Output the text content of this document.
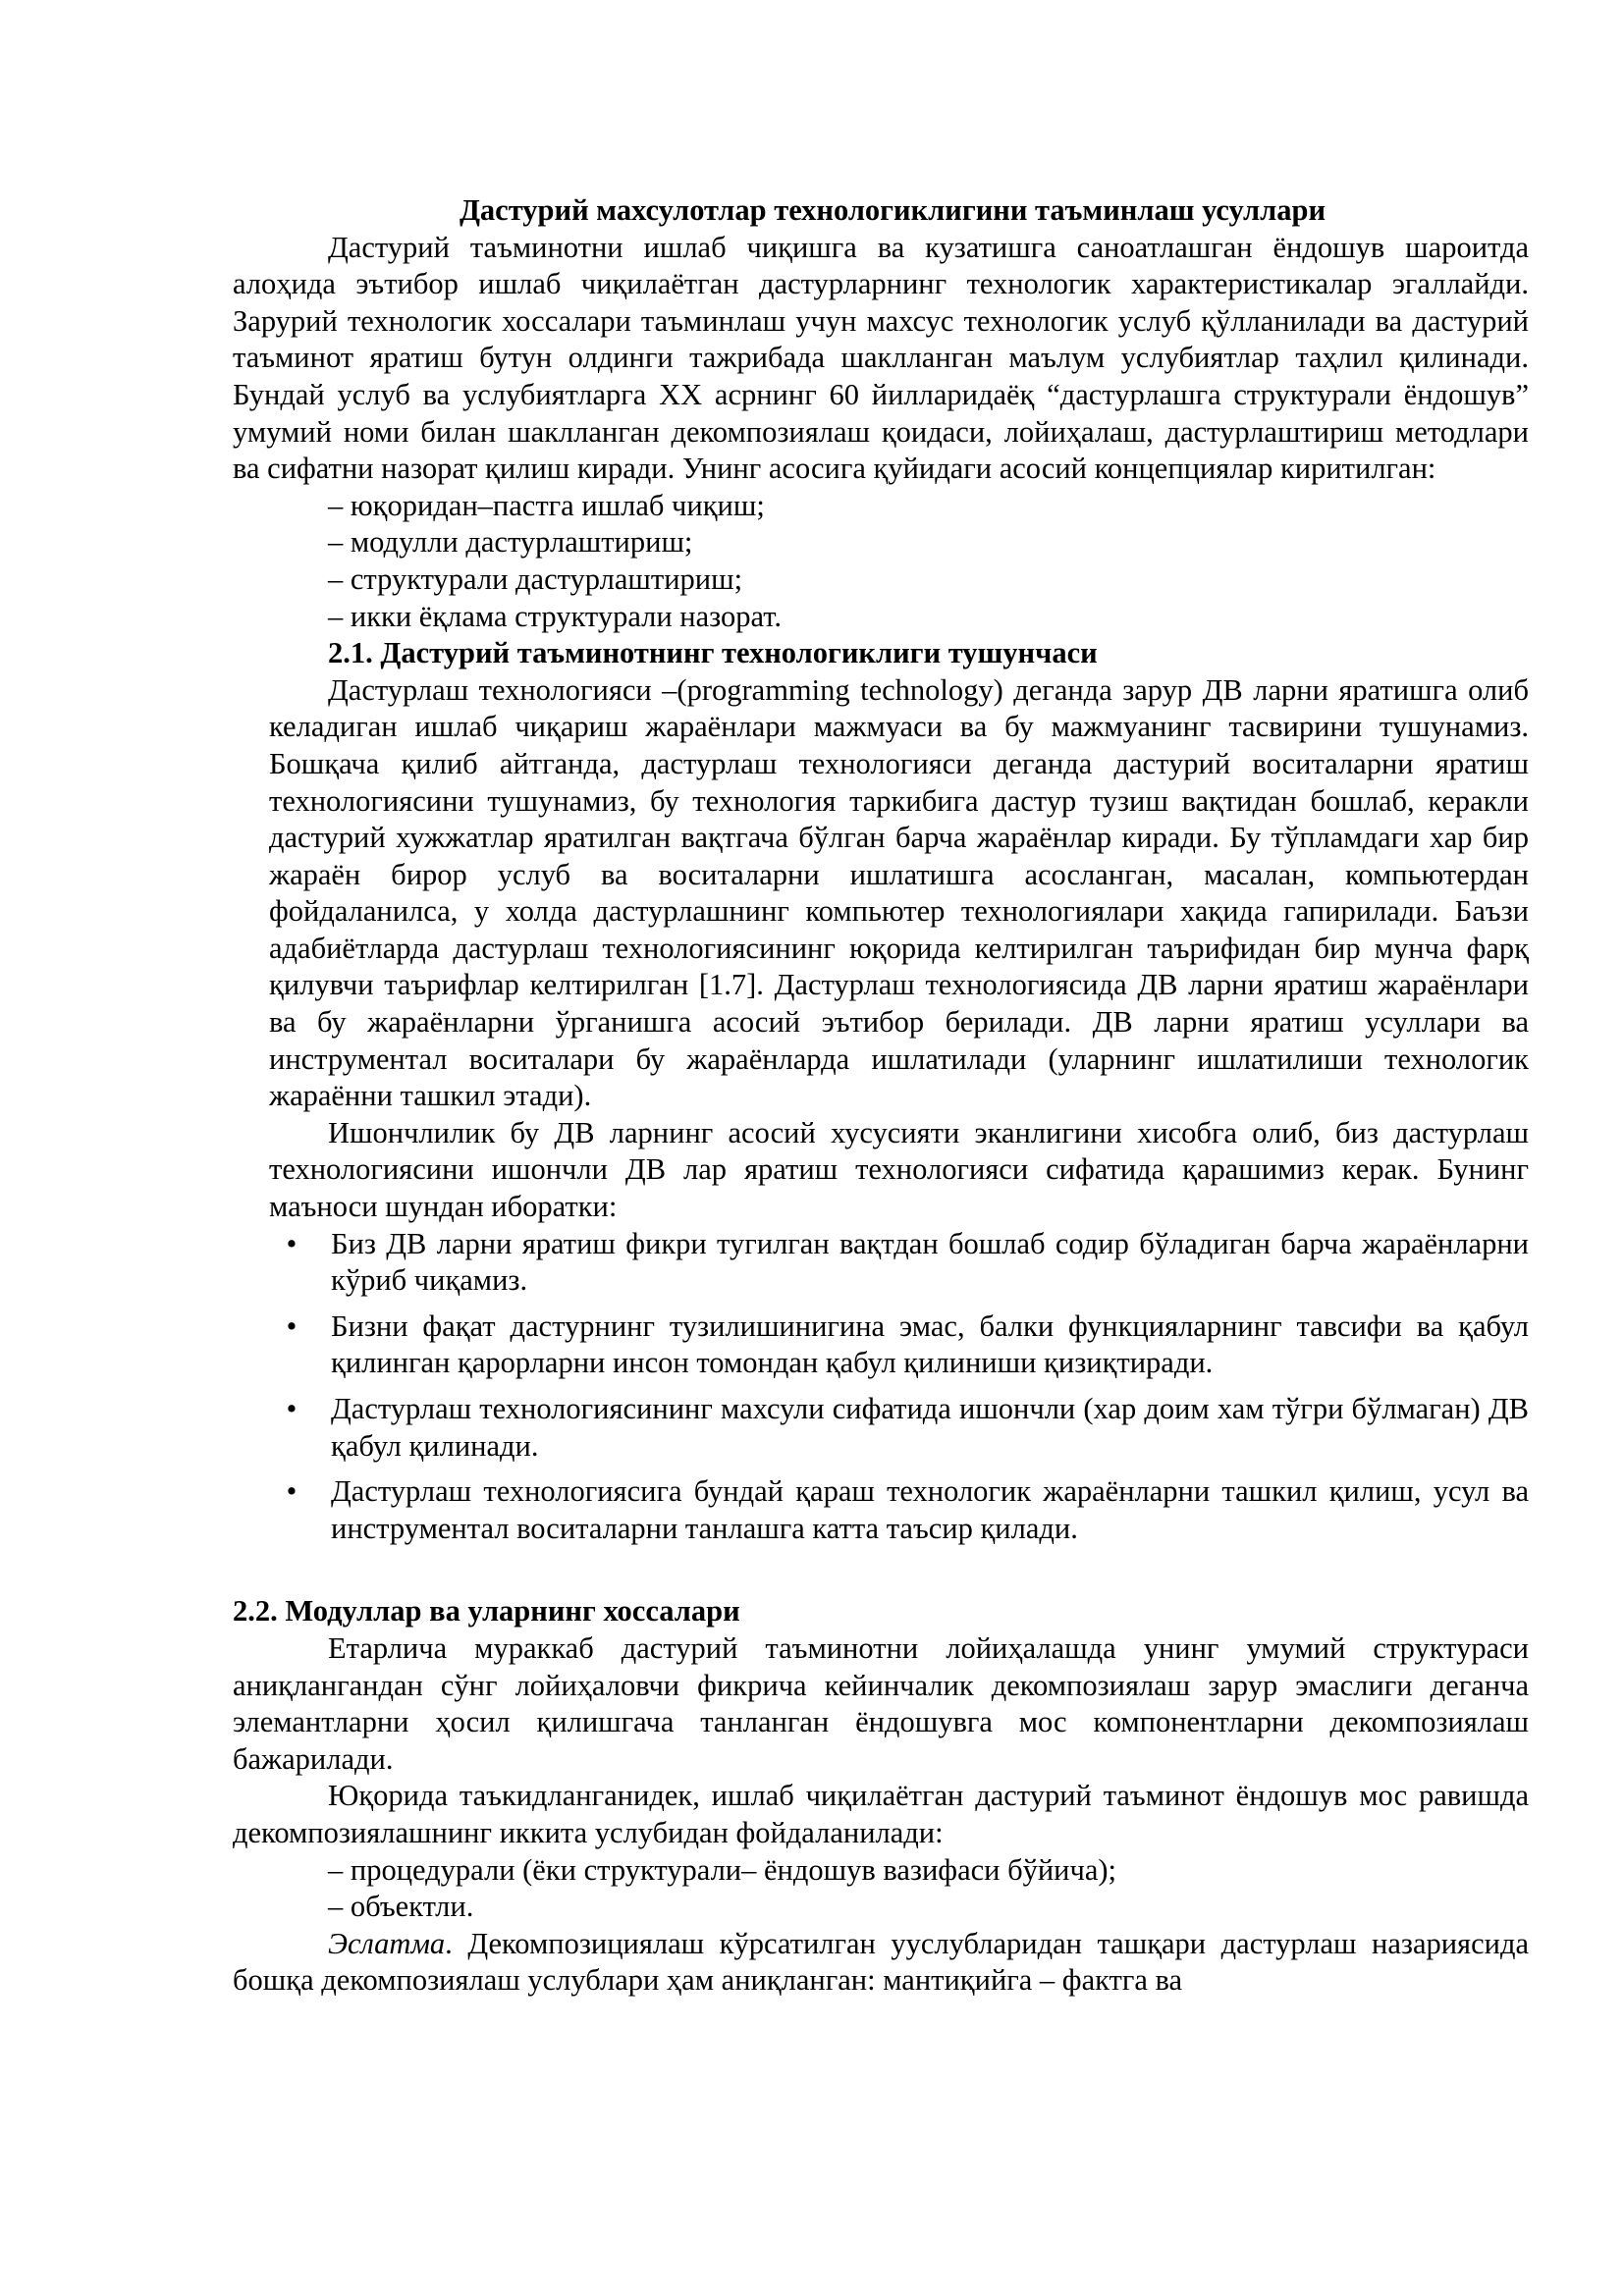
Дастурий махсулотлар технологиклигини таъминлаш усуллари

Дастурий таъминотни ишлаб чиқишга ва кузатишга саноатлашган ёндошув шароитда алоҳида эътибор ишлаб чиқилаётган дастурларнинг технологик характеристикалар эгаллайди. Зарурий технологик хоссалари таъминлаш учун махсус технологик услуб қўлланилади ва дастурий таъминот яратиш бутун олдинги тажрибада шаклланган маълум услубиятлар таҳлил қилинади. Бундай услуб ва услубиятларга XX асрнинг 60 йилларидаёқ “дастурлашга структурали ёндошув” умумий номи билан шаклланган декомпозиялаш қоидаси, лойиҳалаш, дастурлаштириш методлари ва сифатни назорат қилиш киради. Унинг асосига қуйидаги асосий концепциялар киритилган:

– юқоридан–пастга ишлаб чиқиш;

– модулли дастурлаштириш;

– структурали дастурлаштириш;

– икки ёқлама структурали назорат.

2.1. Дастурий таъминотнинг технологиклиги тушунчаси

Дастурлаш технологияси –(programming technology) деганда зарур ДВ ларни яратишга олиб келадиган ишлаб чиқариш жараёнлари мажмуаси ва бу мажмуанинг тасвирини тушунамиз. Бошқача қилиб айтганда, дастурлаш технологияси деганда дастурий воситаларни яратиш технологиясини тушунамиз, бу технология таркибига дастур тузиш вақтидан бошлаб, керакли дастурий хужжатлар яратилган вақтгача бўлган барча жараёнлар киради. Бу тўпламдаги хар бир жараён бирор услуб ва воситаларни ишлатишга асосланган, масалан, компьютердан фойдаланилса, у холда дастурлашнинг компьютер технологиялари хақида гапирилади. Баъзи адабиётларда дастурлаш технологиясининг юқорида келтирилган таърифидан бир мунча фарқ қилувчи таърифлар келтирилган [1.7]. Дастурлаш технологиясида ДВ ларни яратиш жараёнлари ва бу жараёнларни ўрганишга асосий эътибор берилади. ДВ ларни яратиш усуллари ва инструментал воситалари бу жараёнларда ишлатилади (уларнинг ишлатилиши технологик жараённи ташкил этади).

Ишончлилик бу ДВ ларнинг асосий хусусияти эканлигини хисобга олиб, биз дастурлаш технологиясини ишончли ДВ лар яратиш технологияси сифатида қарашимиз керак. Бунинг маъноси шундан иборатки:

• Биз ДВ ларни яратиш фикри тугилган вақтдан бошлаб содир бўладиган барча жараёнларни кўриб чиқамиз.
• Бизни фақат дастурнинг тузилишинигина эмас, балки функцияларнинг тавсифи ва қабул қилинган қарорларни инсон томондан қабул қилиниши қизиқтиради.
• Дастурлаш технологиясининг махсули сифатида ишончли (хар доим хам тўгри бўлмаган) ДВ қабул қилинади.
• Дастурлаш технологиясига бундай қараш технологик жараёнларни ташкил қилиш, усул ва инструментал воситаларни танлашга катта таъсир қилади.

2.2. Модуллар ва уларнинг хоссалари

Етарлича мураккаб дастурий таъминотни лойиҳалашда унинг умумий структураси аниқлангандан сўнг лойиҳаловчи фикрича кейинчалик декомпозиялаш зарур эмаслиги деганча элемантларни ҳосил қилишгача танланган ёндошувга мос компонентларни декомпозиялаш бажарилади.

Юқорида таъкидланганидек, ишлаб чиқилаётган дастурий таъминот ёндошув мос равишда декомпозиялашнинг иккита услубидан фойдаланилади:

– процедурали (ёки структурали– ёндошув вазифаси бўйича);

– объектли.

Эслатма. Декомпозициялаш кўрсатилган ууслубларидан ташқари дастурлаш назариясида бошқа декомпозиялаш услублари ҳам аниқланган: мантиқийга – фактга ва
